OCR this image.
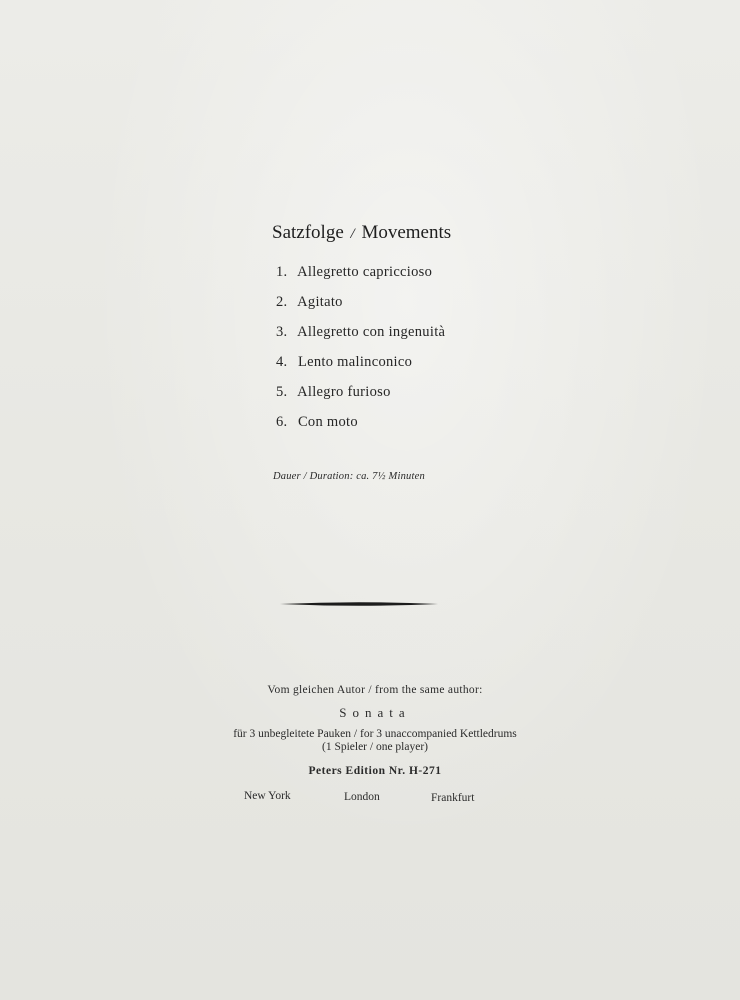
Satzfolge / Movements
1. Allegretto capriccioso
2. Agitato
3. Allegretto con ingenuità
4. Lento malinconico
5. Allegro furioso
6. Con moto
Dauer / Duration: ca. 7½ Minuten
Vom gleichen Autor / from the same author:
Sonata
für 3 unbegleitete Pauken / for 3 unaccompanied Kettledrums
(1 Spieler / one player)
Peters Edition Nr. H-271
New York	London	Frankfurt
